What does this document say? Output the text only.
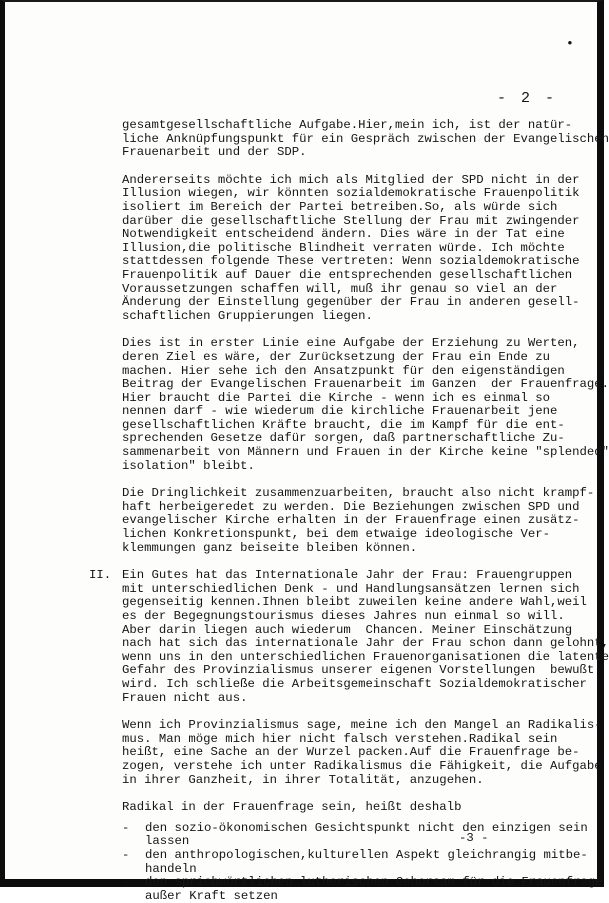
•
- 2 -

gesamtgesellschaftliche Aufgabe.Hier,mein ich, ist der natür-
liche Anknüpfungspunkt für ein Gespräch zwischen der Evangelischen
Frauenarbeit und der SDP.

Andererseits möchte ich mich als Mitglied der SPD nicht in der
Illusion wiegen, wir könnten sozialdemokratische Frauenpolitik
isoliert im Bereich der Partei betreiben.So, als würde sich
darüber die gesellschaftliche Stellung der Frau mit zwingender
Notwendigkeit entscheidend ändern. Dies wäre in der Tat eine
Illusion,die politische Blindheit verraten würde. Ich möchte
stattdessen folgende These vertreten: Wenn sozialdemokratische
Frauenpolitik auf Dauer die entsprechenden gesellschaftlichen
Voraussetzungen schaffen will, muß ihr genau so viel an der
Änderung der Einstellung gegenüber der Frau in anderen gesell-
schaftlichen Gruppierungen liegen.

Dies ist in erster Linie eine Aufgabe der Erziehung zu Werten,
deren Ziel es wäre, der Zurücksetzung der Frau ein Ende zu
machen. Hier sehe ich den Ansatzpunkt für den eigenständigen
Beitrag der Evangelischen Frauenarbeit im Ganzen  der Frauenfrage.
Hier braucht die Partei die Kirche - wenn ich es einmal so
nennen darf - wie wiederum die kirchliche Frauenarbeit jene
gesellschaftlichen Kräfte braucht, die im Kampf für die ent-
sprechenden Gesetze dafür sorgen, daß partnerschaftliche Zu-
sammenarbeit von Männern und Frauen in der Kirche keine "splended"
isolation" bleibt.

Die Dringlichkeit zusammenzuarbeiten, braucht also nicht krampf-
haft herbeigeredet zu werden. Die Beziehungen zwischen SPD und
evangelischer Kirche erhalten in der Frauenfrage einen zusätz-
lichen Konkretionspunkt, bei dem etwaige ideologische Ver-
klemmungen ganz beiseite bleiben können.

II. Ein Gutes hat das Internationale Jahr der Frau: Frauengruppen
mit unterschiedlichen Denk - und Handlungsansätzen lernen sich
gegenseitig kennen.Ihnen bleibt zuweilen keine andere Wahl,weil
es der Begegnungstourismus dieses Jahres nun einmal so will.
Aber darin liegen auch wiederum  Chancen. Meiner Einschätzung
nach hat sich das internationale Jahr der Frau schon dann gelohnt,
wenn uns in den unterschiedlichen Frauenorganisationen die latente
Gefahr des Provinzialismus unserer eigenen Vorstellungen  bewußt
wird. Ich schließe die Arbeitsgemeinschaft Sozialdemokratischer
Frauen nicht aus.

Wenn ich Provinzialismus sage, meine ich den Mangel an Radikalis-
mus. Man möge mich hier nicht falsch verstehen.Radikal sein
heißt, eine Sache an der Wurzel packen.Auf die Frauenfrage be-
zogen, verstehe ich unter Radikalismus die Fähigkeit, die Aufgabe
in ihrer Ganzheit, in ihrer Totalität, anzugehen.

Radikal in der Frauenfrage sein, heißt deshalb

- den sozio-ökonomischen Gesichtspunkt nicht den einzigen sein
lassen
- den anthropologischen,kulturellen Aspekt gleichrangig mitbe-
handeln
- den sprichwörtlichen lutherischen Gehorsam für die Frauenfrage
außer Kraft setzen
-3 -
